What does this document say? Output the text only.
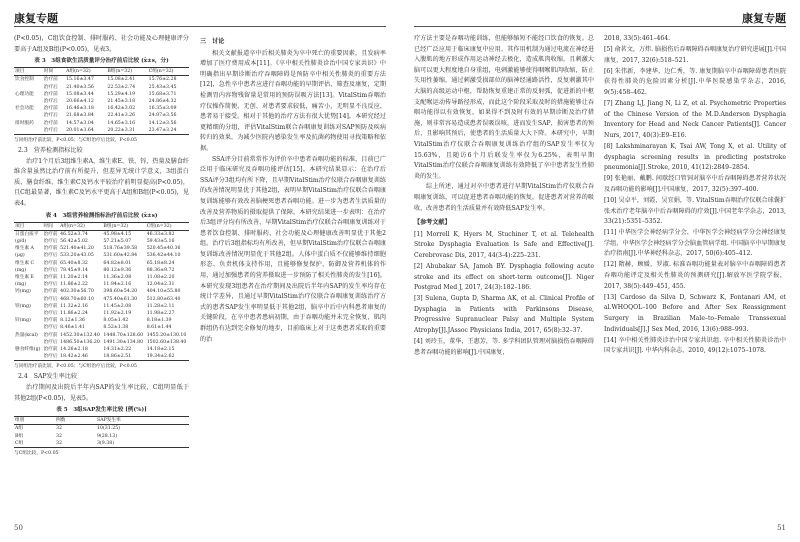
康复专题

(P<0.05)，C组饮食控制、排时服药、社会功能及心理健康评分要高于A组及B组(P<0.05)，见表3。

表 3　3组食欲生活质量评分治疗前后比较 (x̄±s，分)
项目	时间	A组(n=32)	B组(n=32)	C组(n=32)
饮食控制	治疗前	15.16±3.47	15.08±2.41	15.76±2.28
	治疗后	21.40±3.56	22.53±2.74	25.43±3.45
心理功能	治疗前	15.08±3.44	15.29±4.19	15.68±3.71
	治疗后	20.66±4.12	21.45±3.18	24.86±4.32
社会功能	治疗前	16.46±3.18	16.42±3.02	16.35±3.09
	治疗后	21.68±3.84	22.41±3.26	24.97±3.56
排时服药	治疗前	14.57±3.04	14.65±3.16	14.12±3.56
	治疗后	20.01±3.64	20.22±3.31	23.47±3.24
与同组治疗前比较，P<0.05；与C组治疗后比较，P<0.05

2.3　营养检测指标比较

治疗1个月后3组维生素A、维生素E、铁、锌、热量及膳食纤维含量虽然比治疗前有所提升，但差异无统计学意义，3组蛋白质、膳食纤维、维生素C及钙水平较治疗前明显提高(P<0.05)，且C组最显著，维生素C及钙水平更高于A组和B组(P<0.05)，见表4。

表 4　3组营养检测指标治疗前后比较 (x̄±s)
项目	时间	A组(n=32)	B组(n=32)	C组(n=32)
日蛋白质平	治疗前	46.52±3.74	45.98±4.15	46.33±3.82
(g/d)	治疗后	56.42±5.02	57.21±5.07	59.43±5.16
维生素 A	治疗前	521.40±41.20	518.76±39.58	520.45±40.36
(μg)	治疗后	533.20±43.05	531.60±42.84	536.42±44.10
维生素 C	治疗前	65.40±8.32	64.82±8.01	65.18±8.24
(mg)	治疗后	78.45±9.14	80.12±9.36	88.36±9.72
维生素 E	治疗前	11.20±2.14	11.36±2.08	11.08±2.20
(mg)	治疗后	11.86±2.22	11.94±2.16	12.04±2.31
钙(mg)	治疗前	402.30±56.70	398.60±54.20	404.10±55.80
	治疗后	468.70±60.10	475.40±61.30	512.80±63.40
铁(mg)	治疗前	11.32±2.16	11.45±2.08	11.28±2.11
	治疗后	11.86±2.24	11.92±2.19	11.98±2.27
锌(mg)	治疗前	8.12±1.36	8.05±1.42	8.18±1.39
	治疗后	8.46±1.41	8.52±1.38	8.61±1.44
热量(kcal)	治疗前	1452.30±132.40	1448.70±128.60	1455.20±130.10
	治疗后	1486.50±136.20	1491.30±134.80	1502.60±138.40
膳食纤维(g)	治疗前	14.26±2.18	14.31±2.22	14.18±2.15
	治疗后	18.42±2.46	18.86±2.51	19.34±2.62
与同组治疗前比较，P<0.05；与C组治疗后比较，P<0.05

2.4　SAP发生率比较

治疗期间及出院后半年内SAP的发生率比较，C组明显低于其他2组(P<0.05)，见表5。

表 5　3组SAP发生率比较 [例(%)]
组别	例数	SAP发生率
A组	32	10(31.25)
B组	32	9(28.13)
C组	32	3(9.38)
与C组比较，P<0.05

三　讨论

相关文献报道卒中后相关肺炎为卒中死亡的重要因素，且发病率增加了医疗费用成本[11]。《卒中相关性肺炎诊治中国专家共识》中明确指出早期诊断治疗吞咽障碍是预防卒中相关性肺炎的重要方法[12]，急性卒中患者应进行吞咽功能的早期评估、筛查及康复，定期检测胃内容物残留量是常用的预防误吸方法[13]。VitalStim吞咽治疗仪操作简便、无创、对患者要求较低，痛苦小，无明显不良反应，患者易于接受。相对于其他的治疗方法有很大优势[14]。本研究经过更精细的分组，评估VitalStim联合吞咽康复训练对SAP预防及疾病转归的效果，为减少医院内感染发生率及抗菌药物使用寻找策略和依据。

SSA评分目前常常作为评价卒中患者吞咽功能的标准，目前已广泛用于临床研究及吞咽功能评估[15]。本研究结果显示：在治疗后SSA评分3组均有所下降，且早期VitalStim治疗仪联合吞咽康复训练的改善情况明显优于其他2组，表明早期VitalStim治疗仪联合吞咽康复训练能够有效改善脑梗死患者吞咽功能。进一步为患者生活质量的改善及营养物质的摄取提供了保障。本研究结果进一步表明：在治疗后3组评分均有所改善，早期VitalStim治疗仪联合吞咽康复训练对于患者饮食控制、排时服药、社会功能及心理健康改善明显优于其他2组。治疗后3组指标均有所改善，但早期VitalStim治疗仪联合吞咽康复训练改善情况明显优于其他2组。人体中蛋白质不仅能够维持细胞形态、负责机体支持作用，且能够修复保护、防御及营养机体的作用，通过加强患者的营养摄取进一步预防了相关性肺炎的发生[16]。本研究发现3组患者在治疗期间及出院后半年内SAP的发生率均存在统计学差异，且通过早期VitalStim治疗仪联合吞咽康复训练治疗方式的患者SAP发生率明显低于其他2组，脑卒中后中内科患者康复的关键阶段，在卒中患者患病初期，由于吞咽功能并未完全恢复，肌肉群组仍有达到完全修复的地步，目前临床上对于这类患者采取的重要的治

50
康复专题

疗方法主要是吞咽功能训练，但能够缩短不能经口饮食的恢复。总已经广泛应用于临床康复中应用，其作用机制为通过电流在神经进入腹肌的地方形成作用运动神经去极化，造成肌肉收缩，且刺激大脑可以更大程度地自身重组，电刺激能够使得咽喉肌肉收缩，防止失用性萎缩，通过刺激受损部位的脑神经通路活性，反复刺激其中大脑的高级运动中枢，帮助恢复重建正常的反射弧，促进新的中枢支配喉运动传导路径形成，而此这个阶段采取及时的措施能够让吞咽功能得以有效恢复，如果得不到及时有效的早期诊断及治疗措施，则非常容易造成患者误吸误咳，进而发生SAP，损害患者的预后，且影响其预后，使患者的生活质量大大下降。本研究中，早期VitalStim治疗仪联合吞咽康复训练治疗组的SAP发生率仅为15.63%，且随访6个月后联发生率仅为6.25%，表明早期VitalStim治疗仪联合吞咽康复训练有效降低了卒中患者发生性肺炎的发生。

综上所述，通过对卒中患者进行早期VitalStim治疗仪联合吞咽康复训练，可以促进患者吞咽功能的恢复，促进患者对营养的吸收，改善患者的生活质量并有效降低SAP发生率。

【参考文献】

[1] Morrell K, Hyers M, Stuchiner T, et al. Telehealth Stroke Dysphagia Evaluation Is Safe and Effective[J]. Cerebrovasc Dis, 2017, 44(3-4):225–231.

[2] Abubakar SA, Jamoh BY. Dysphagia following acute stroke and its effect on short-term outcome[J]. Niger Postgrad Med J, 2017, 24(3):182–186.

[3] Sulena, Gupta D, Sharma AK, et al. Clinical Profile of Dysphagia in Patients with Parkinsons Disease, Progressive Supranuclear Palsy and Multiple System Atrophy[J].JAssoc Physicians India, 2017, 65(8):32–37.

[4] 刘玲玉，董华，王惠芳，等. 多学科团队管理对脑损伤吞咽障碍患者吞咽功能的影响[J].中国康复，

2018, 33(5):461–464.

[5] 俞茗文，万炜. 脑损伤后吞咽障碍吞咽康复治疗研究进展[J].中国康复，2017, 32(6):518–521.

[6] 朱伟新，李建华，边仁秀，等. 康复期脑卒中吞咽障碍患者医院获得性肺炎的危险因素分析[J].中华医院感染学杂志，2016, 9(5):458–462.

[7] Zhang LJ, Jiang N, Li Z, et al. Psychometric Properties of the Chinese Version of the M.D.Anderson Dysphagia Inventory for Head and Neck Cancer Patients[J]. Cancer Nurs, 2017, 40(3):E9–E16.

[8] Lakshminarayan K, Tsai AW, Tong X, et al. Utility of dysphagia screening results in predicting poststroke pneumonia[J].Stroke, 2010, 41(12):2849–2854.

[9] 张艳丽，戴鹏. 间歇经口管饲对脑卒中后吞咽障碍患者营养状况及吞咽功能的影响[J].中国康复，2017, 32(5):397–400.

[10] 吴卓平，刘霞，吴宜娟，等. VitalStim吞咽治疗仪联合球囊扩张术治疗老年脑卒中后吞咽障碍的疗效[J].中国老年学杂志，2013, 33(21):5351–5352.

[11] 中华医学会神经病学分会，中华医学会神经病学分会神经康复学组，中华医学会神经病学分会脑血管病学组. 中国脑卒中早期康复治疗指南[J].中华神经科杂志，2017, 50(6):405–412.

[12] 隋赫，顾媛，罗淑. 标准吞咽功能量表对脑卒中吞咽障碍患者吞咽功能评定及相关性肺炎的预测研究[J].解放军医学院学报，2017, 38(5):449–451, 455.

[13] Cardoso da Silva D, Schwarz K, Fontanari AM, et al.WHOQOL–100 Before and After Sex Reassignment Surgery in Brazilian Male–to–Female Transsexual Individuals[J].J Sex Med, 2016, 13(6):988–993.

[14] 卒中相关性肺炎诊治中国专家共识组. 卒中相关性肺炎诊治中国专家共识[J]. 中华内科杂志，2010, 49(12):1075–1078.

51
